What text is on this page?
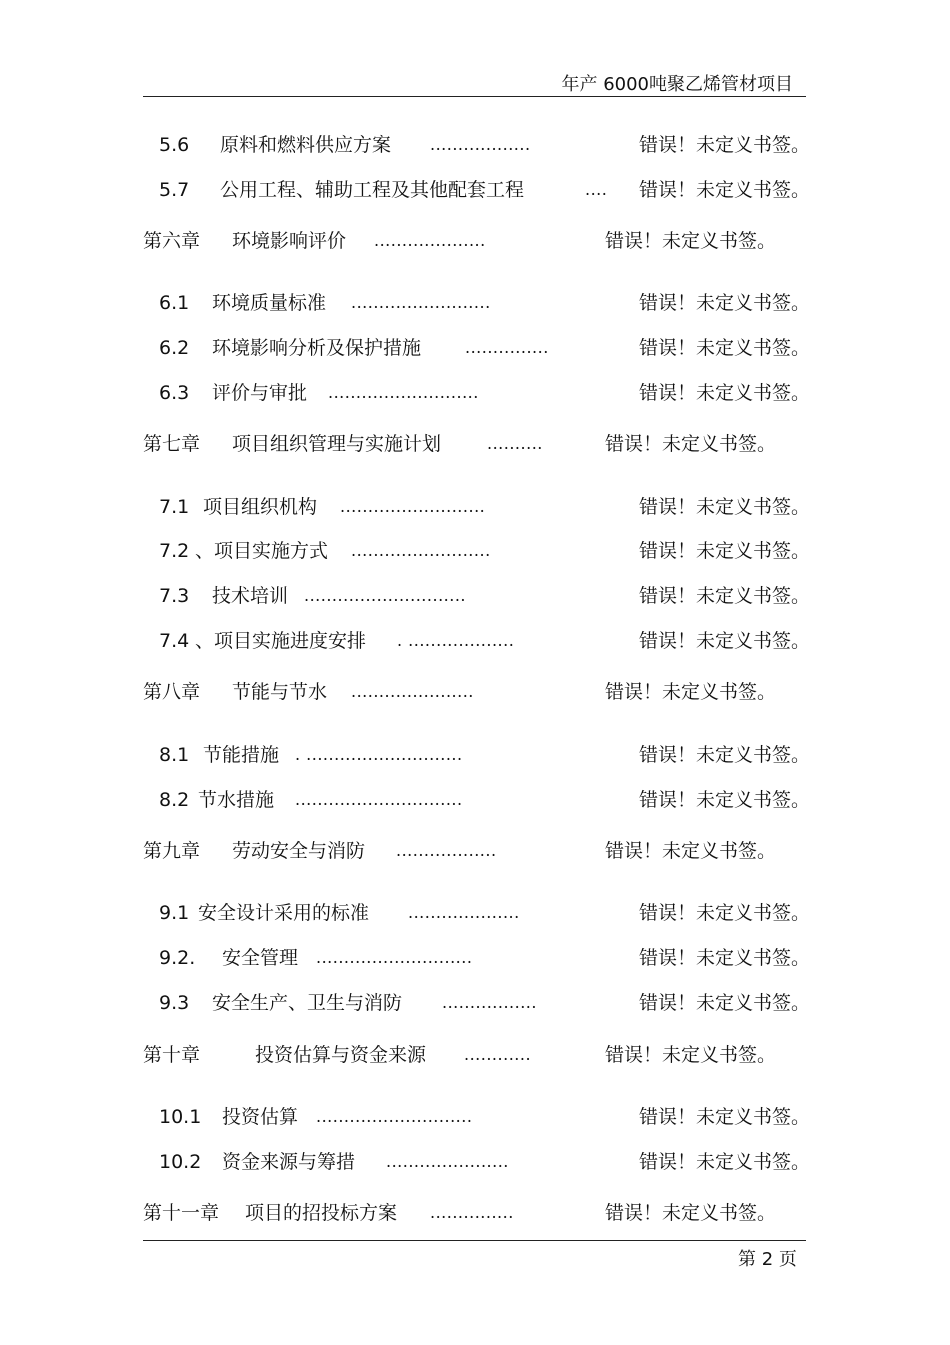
年产 6000吨聚乙烯管材项目
5.6 原料和燃料供应方案 ..................	错误！未定义书签。
5.7 公用工程、辅助工程及其他配套工程	.... 错误！未定义书签。
第六章 环境影响评价 ....................	错误！未定义书签。
6.1 环境质量标准 .........................	错误！未定义书签。
6.2 环境影响分析及保护措施	...............	错误！未定义书签。
6.3 评价与审批 ...........................	错误！未定义书签。
第七章 项目组织管理与实施计划	..........	错误！未定义书签。
7.1 项目组织机构 ..........................	错误！未定义书签。
7.2 、项目实施方式 .........................	错误！未定义书签。
7.3 技术培训 .............................	错误！未定义书签。
7.4 、项目实施进度安排 . ...................	错误！未定义书签。
第八章 节能与节水 ......................	错误！未定义书签。
8.1 节能措施 . ............................	错误！未定义书签。
8.2 节水措施 ..............................	错误！未定义书签。
第九章 劳动安全与消防 ..................	错误！未定义书签。
9.1 安全设计采用的标准 ....................	错误！未定义书签。
9.2. 安全管理 ............................	错误！未定义书签。
9.3 安全生产、卫生与消防 .................	错误！未定义书签。
第十章	投资估算与资金来源 ............	错误！未定义书签。
10.1 投资估算 ............................	错误！未定义书签。
10.2 资金来源与筹措 ......................	错误！未定义书签。
第十一章 项目的招投标方案 ...............	错误！未定义书签。
第 2 页
